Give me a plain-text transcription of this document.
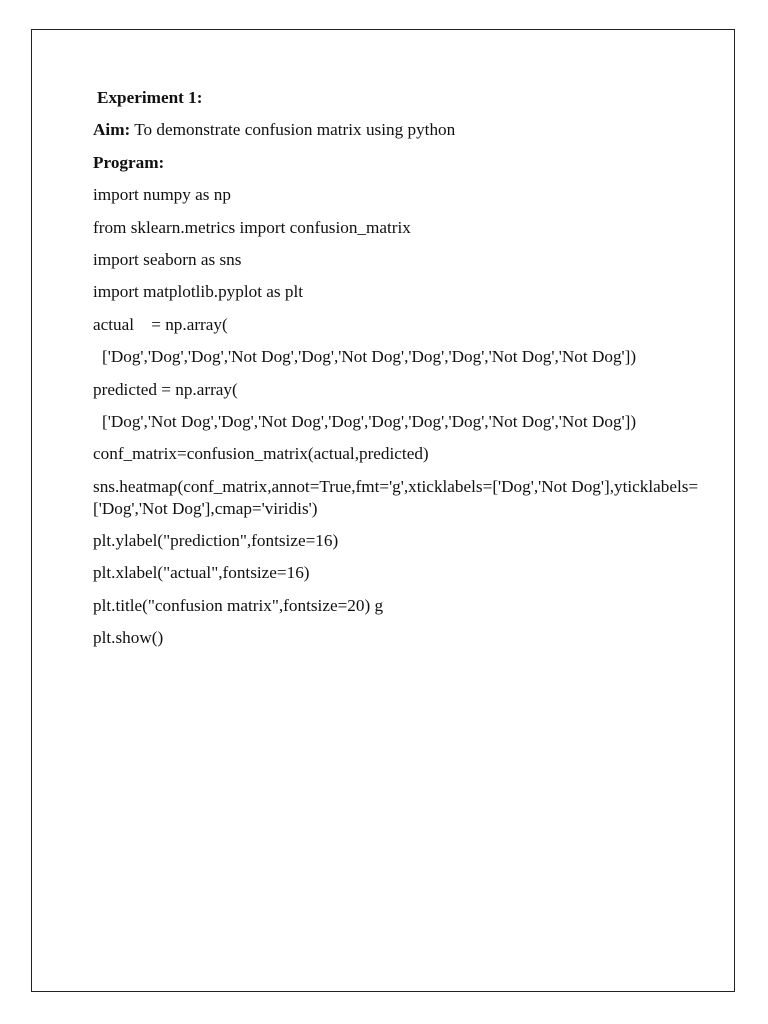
Experiment 1:
Aim: To demonstrate confusion matrix using python
Program:
import numpy as np
from sklearn.metrics import confusion_matrix
import seaborn as sns
import matplotlib.pyplot as plt
actual    = np.array(
['Dog','Dog','Dog','Not Dog','Dog','Not Dog','Dog','Dog','Not Dog','Not Dog'])
predicted = np.array(
['Dog','Not Dog','Dog','Not Dog','Dog','Dog','Dog','Dog','Not Dog','Not Dog'])
conf_matrix=confusion_matrix(actual,predicted)
sns.heatmap(conf_matrix,annot=True,fmt='g',xticklabels=['Dog','Not Dog'],yticklabels=['Dog','Not Dog'],cmap='viridis')
plt.ylabel("prediction",fontsize=16)
plt.xlabel("actual",fontsize=16)
plt.title("confusion matrix",fontsize=20) g
plt.show()
